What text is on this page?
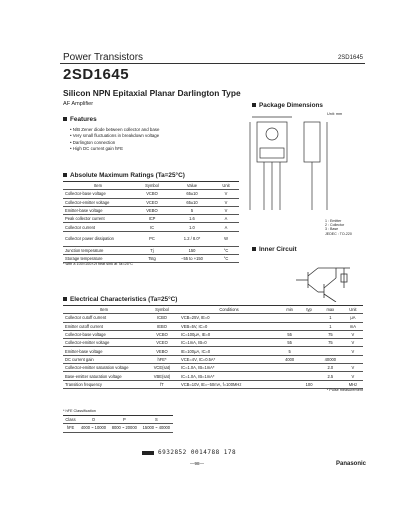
Power Transistors	2SD1645
2SD1645
Silicon NPN Epitaxial Planar Darlington Type
AF Amplifier
Features
• N/B Zener diode between collector and base
• Very small fluctuations in breakdown voltage
• Darlington connection
• High DC current gain hFE
Package Dimensions
Unit: mm
1 : Emitter
2 : Collector
3 : Base
JEDEC : TO-220
Inner Circuit
Absolute Maximum Ratings (Ta=25°C)
Item	Symbol	Value	Unit
Collector-base voltage	VCBO	65±10	V
Collector-emitter voltage	VCEO	65±10	V
Emitter-base voltage	VEBO	5	V
Peak collector current	ICP	1.6	A
Collector current	IC	1.0	A
Collector power dissipation	PC	1.2 / 8.0*	W
Junction temperature	Tj	150	°C
Storage temperature	Tstg	−55 to +150	°C
* with a 100×100×2t heat sink at Ta=25°C
Electrical Characteristics (Ta=25°C)
Item	Symbol	Conditions	min	typ	max	Unit
Collector cutoff current	ICBO	VCB=25V, IE=0			1	μA
Emitter cutoff current	IEBO	VEB=5V, IC=0			1	mA
Collector-base voltage	VCBO	IC=100μA, IE=0	55		75	V
Collector-emitter voltage	VCEO	IC=1mA, IB=0	55		75	V
Emitter-base voltage	VEBO	IE=100μA, IC=0	5			V
DC current gain	hFE*	VCE=4V, IC=0.5A*	4000		40000	
Collector-emitter saturation voltage	VCE(sat)	IC=1.0A, IB=1mA*			2.0	V
Base-emitter saturation voltage	VBE(sat)	IC=1.0A, IB=1mA*			2.5	V
Transition frequency	fT	VCB=10V, IE=−50mA, f=100MHz		100		MHz
* Pulse measurement
* hFE Classification
Class	O	P	S
hFE	4000 ~ 10000	8000 ~ 20000	15000 ~ 40000
6932852 0014788 178
—98—	Panasonic
